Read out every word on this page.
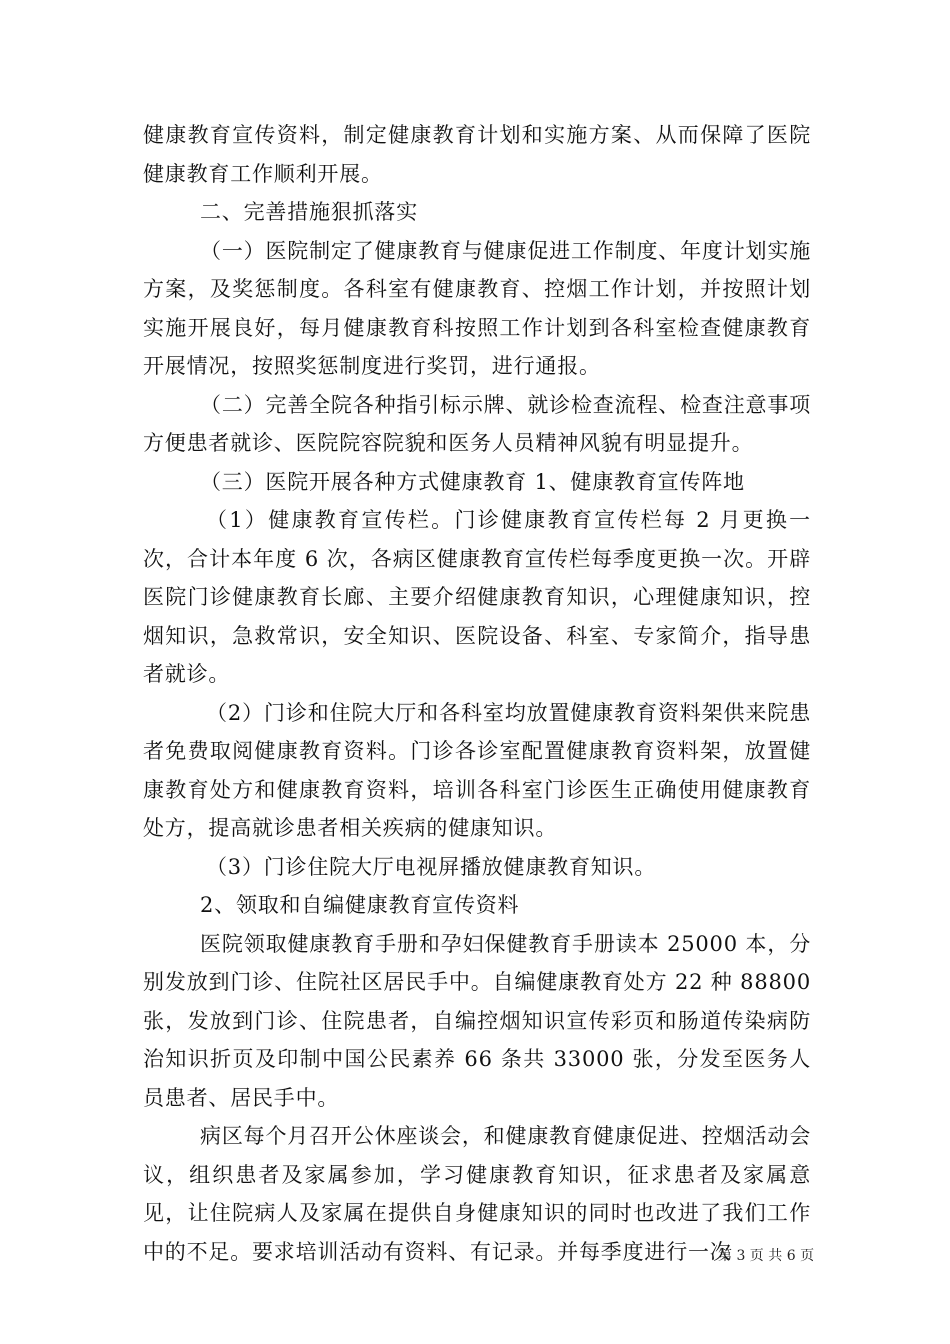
健康教育宣传资料，制定健康教育计划和实施方案、从而保障了医院健康教育工作顺利开展。

二、完善措施狠抓落实

（一）医院制定了健康教育与健康促进工作制度、年度计划实施方案，及奖惩制度。各科室有健康教育、控烟工作计划，并按照计划实施开展良好，每月健康教育科按照工作计划到各科室检查健康教育开展情况，按照奖惩制度进行奖罚，进行通报。

（二）完善全院各种指引标示牌、就诊检查流程、检查注意事项方便患者就诊、医院院容院貌和医务人员精神风貌有明显提升。

（三）医院开展各种方式健康教育 1、健康教育宣传阵地

（1）健康教育宣传栏。门诊健康教育宣传栏每 2 月更换一次，合计本年度 6 次，各病区健康教育宣传栏每季度更换一次。开辟医院门诊健康教育长廊、主要介绍健康教育知识，心理健康知识，控烟知识，急救常识，安全知识、医院设备、科室、专家简介，指导患者就诊。

（2）门诊和住院大厅和各科室均放置健康教育资料架供来院患者免费取阅健康教育资料。门诊各诊室配置健康教育资料架，放置健康教育处方和健康教育资料，培训各科室门诊医生正确使用健康教育处方，提高就诊患者相关疾病的健康知识。

（3）门诊住院大厅电视屏播放健康教育知识。

2、领取和自编健康教育宣传资料

医院领取健康教育手册和孕妇保健教育手册读本 25000 本，分别发放到门诊、住院社区居民手中。自编健康教育处方 22 种 88800 张，发放到门诊、住院患者，自编控烟知识宣传彩页和肠道传染病防治知识折页及印制中国公民素养 66 条共 33000 张，分发至医务人员患者、居民手中。

病区每个月召开公休座谈会，和健康教育健康促进、控烟活动会议，组织患者及家属参加，学习健康教育知识，征求患者及家属意见，让住院病人及家属在提供自身健康知识的同时也改进了我们工作中的不足。要求培训活动有资料、有记录。并每季度进行一次

第 3 页 共 6 页
